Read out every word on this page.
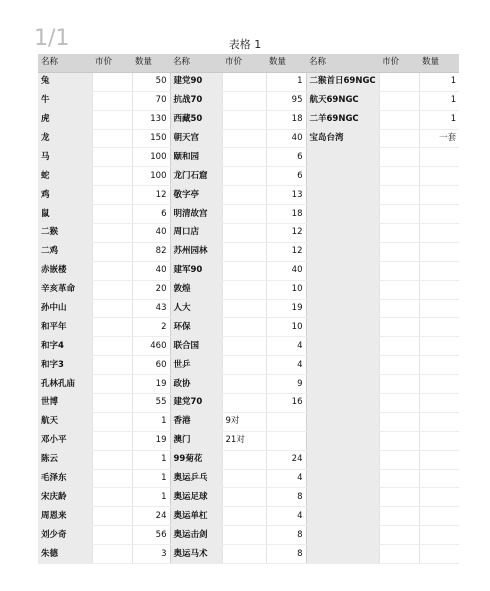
1/1	表格 1
名称	市价	数量	名称	市价	数量	名称	市价	数量
兔		50	建党90		1	二猴首日69NGC		1
牛		70	抗战70		95	航天69NGC		1
虎		130	西藏50		18	二羊69NGC		1
龙		150	朝天宫		40	宝岛台湾		一套
马		100	颐和园		6			
蛇		100	龙门石窟		6			
鸡		12	敬字亭		13			
鼠		6	明清故宫		18			
二猴		40	周口店		12			
二鸡		82	苏州园林		12			
赤嵌楼		40	建军90		40			
辛亥革命		20	敦煌		10			
孙中山		43	人大		19			
和平年		2	环保		10			
和字4		460	联合国		4			
和字3		60	世乒		4			
孔林孔庙		19	政协		9			
世博		55	建党70		16			
航天		1	香港	9对				
邓小平		19	澳门	21对				
陈云		1	99菊花		24			
毛泽东		1	奥运乒乓		4			
宋庆龄		1	奥运足球		8			
周恩来		24	奥运单杠		4			
刘少奇		56	奥运击剑		8			
朱德		3	奥运马术		8			
